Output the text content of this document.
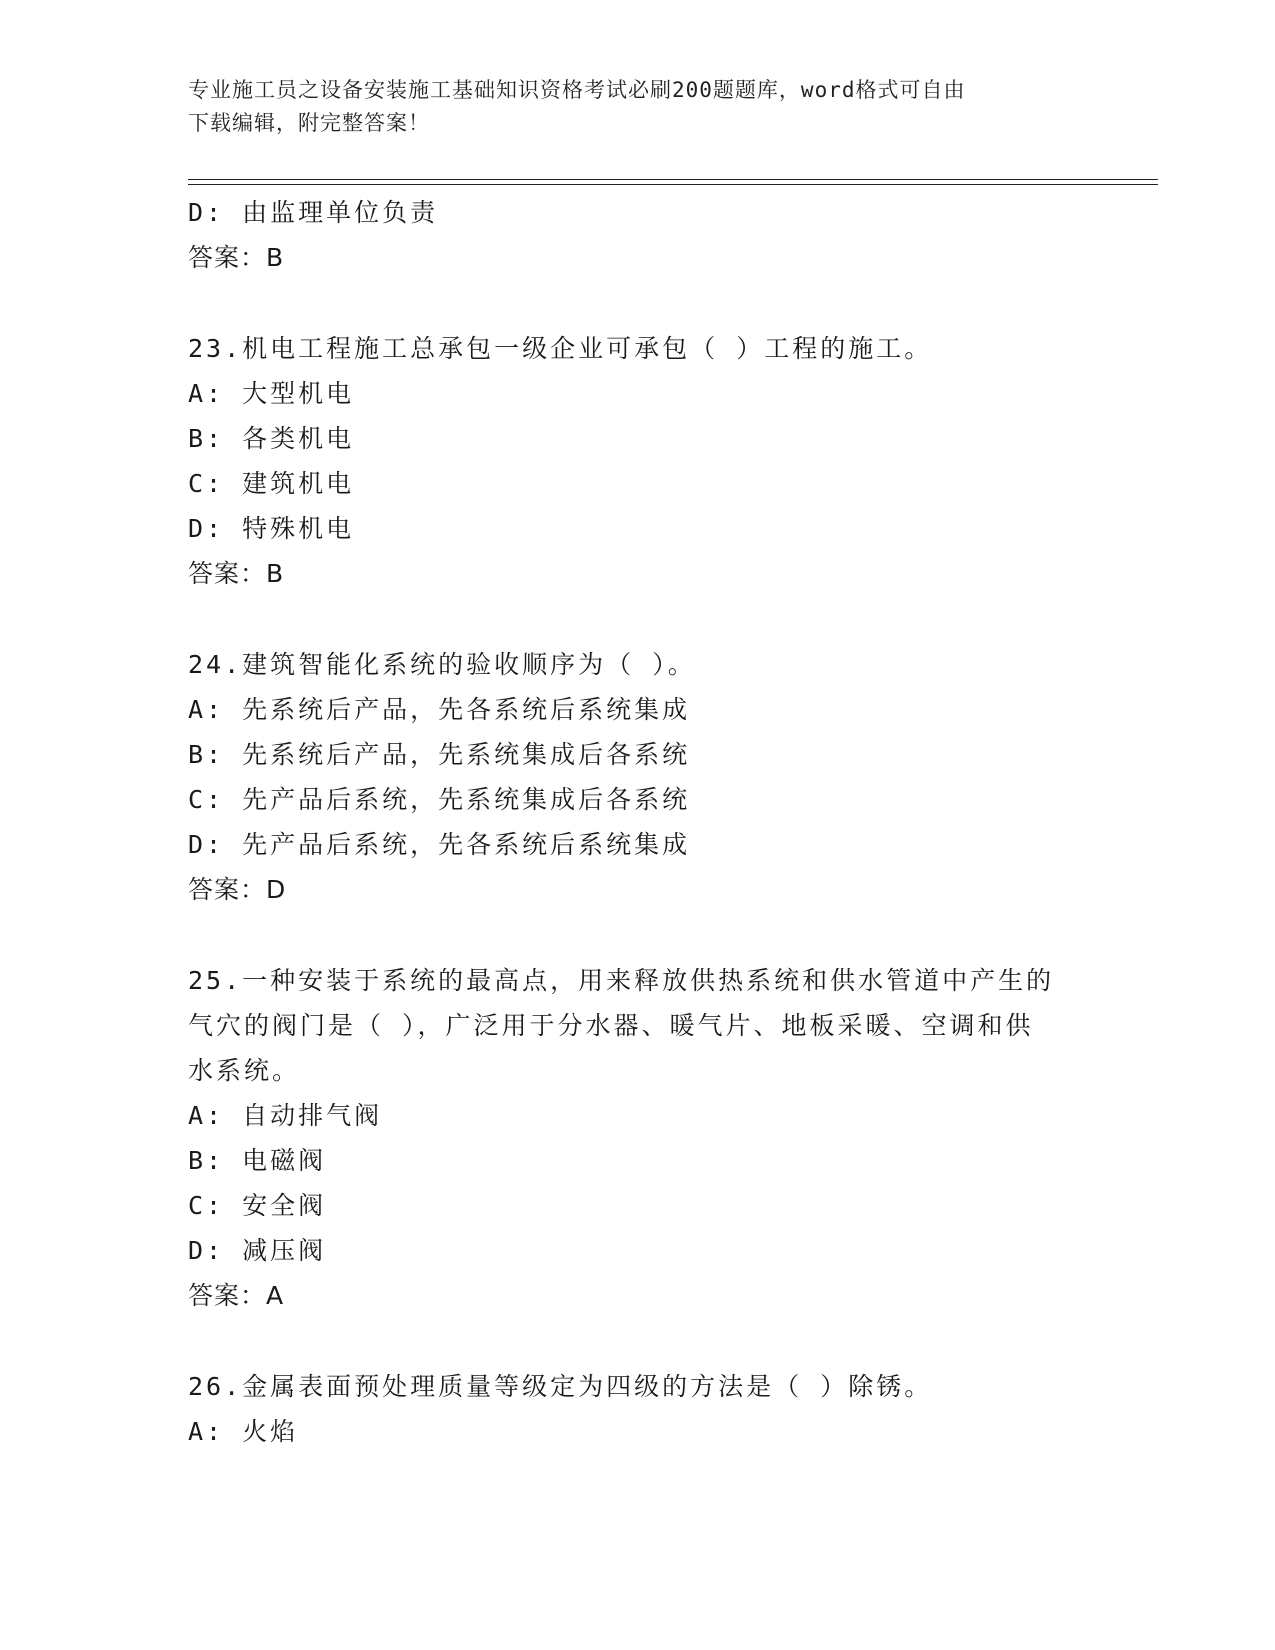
专业施工员之设备安装施工基础知识资格考试必刷200题题库，word格式可自由
下载编辑，附完整答案！
D: 由监理单位负责
答案：B
23.机电工程施工总承包一级企业可承包（ ）工程的施工。
A: 大型机电
B: 各类机电
C: 建筑机电
D: 特殊机电
答案：B
24.建筑智能化系统的验收顺序为（ ）。
A: 先系统后产品，先各系统后系统集成
B: 先系统后产品，先系统集成后各系统
C: 先产品后系统，先系统集成后各系统
D: 先产品后系统，先各系统后系统集成
答案：D
25.一种安装于系统的最高点，用来释放供热系统和供水管道中产生的
气穴的阀门是（ ），广泛用于分水器、暖气片、地板采暖、空调和供
水系统。
A: 自动排气阀
B: 电磁阀
C: 安全阀
D: 减压阀
答案：A
26.金属表面预处理质量等级定为四级的方法是（ ）除锈。
A: 火焰
